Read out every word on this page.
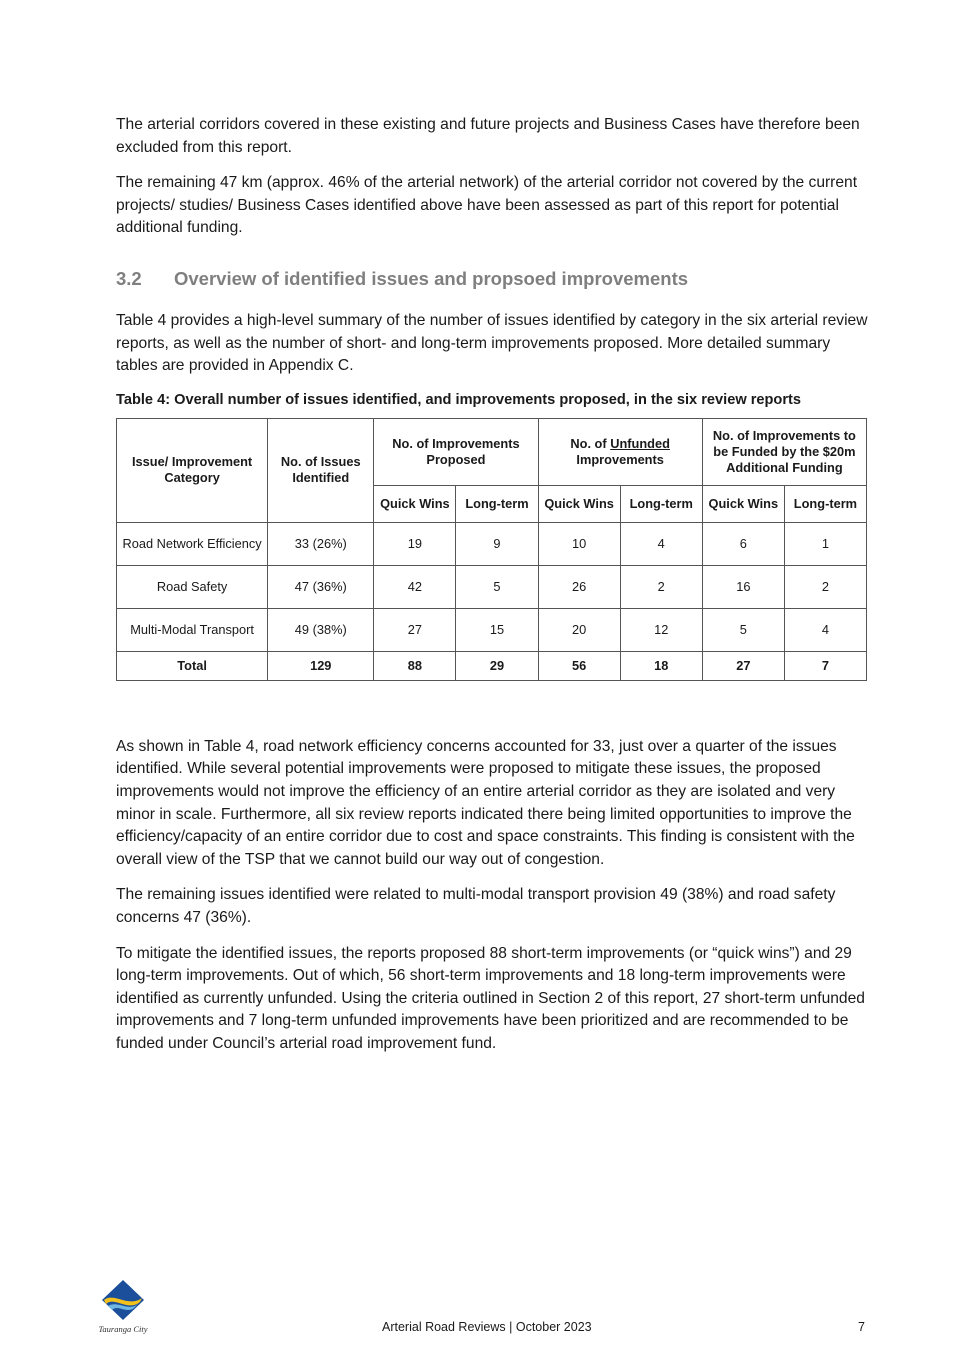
The arterial corridors covered in these existing and future projects and Business Cases have therefore been excluded from this report.

The remaining 47 km (approx. 46% of the arterial network) of the arterial corridor not covered by the current projects/ studies/ Business Cases identified above have been assessed as part of this report for potential additional funding.

3.2	Overview of identified issues and propsoed improvements

Table 4 provides a high-level summary of the number of issues identified by category in the six arterial review reports, as well as the number of short- and long-term improvements proposed. More detailed summary tables are provided in Appendix C.

Table 4: Overall number of issues identified, and improvements proposed, in the six review reports
Issue/ Improvement Category	No. of Issues Identified	No. of Improvements Proposed		No. of Unfunded Improvements		No. of Improvements to be Funded by the $20m Additional Funding	
		Quick Wins	Long-term	Quick Wins	Long-term	Quick Wins	Long-term
Road Network Efficiency	33 (26%)	19	9	10	4	6	1
Road Safety	47 (36%)	42	5	26	2	16	2
Multi-Modal Transport	49 (38%)	27	15	20	12	5	4
Total	129	88	29	56	18	27	7

As shown in Table 4, road network efficiency concerns accounted for 33, just over a quarter of the issues identified. While several potential improvements were proposed to mitigate these issues, the proposed improvements would not improve the efficiency of an entire arterial corridor as they are isolated and very minor in scale. Furthermore, all six review reports indicated there being limited opportunities to improve the efficiency/capacity of an entire corridor due to cost and space constraints. This finding is consistent with the overall view of the TSP that we cannot build our way out of congestion.

The remaining issues identified were related to multi-modal transport provision 49 (38%) and road safety concerns 47 (36%).

To mitigate the identified issues, the reports proposed 88 short-term improvements (or “quick wins”) and 29 long-term improvements. Out of which, 56 short-term improvements and 18 long-term improvements were identified as currently unfunded. Using the criteria outlined in Section 2 of this report, 27 short-term unfunded improvements and 7 long-term unfunded improvements have been prioritized and are recommended to be funded under Council’s arterial road improvement fund.

Tauranga City	Arterial Road Reviews | October 2023	7
